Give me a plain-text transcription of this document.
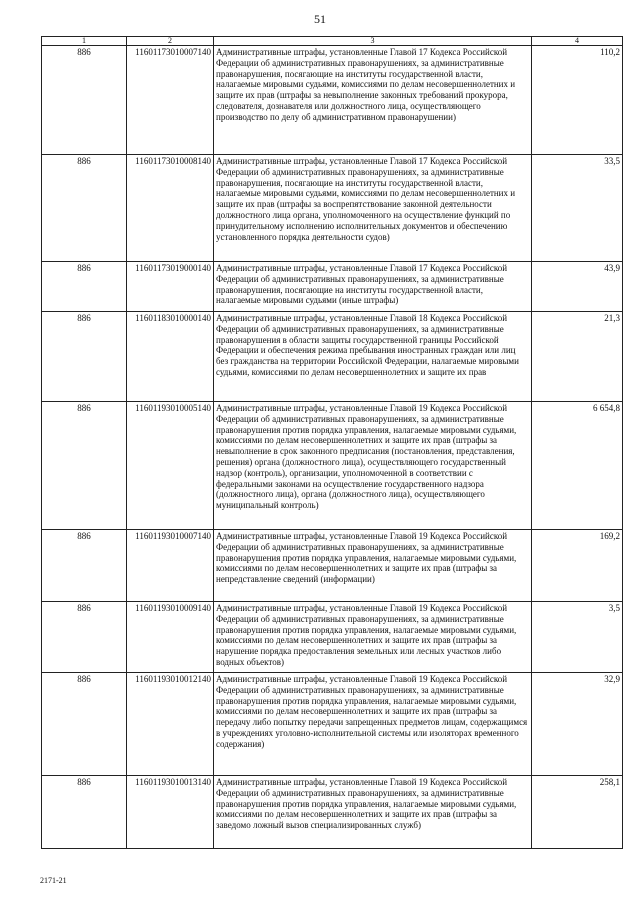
51
1	2	3	4
886	11601173010007140	Административные штрафы, установленные Главой 17 Кодекса Российской Федерации об административных правонарушениях, за административные правонарушения, посягающие на институты государственной власти, налагаемые мировыми судьями, комиссиями по делам несовершеннолетних и защите их прав (штрафы за невыполнение законных требований прокурора, следователя, дознавателя или должностного лица, осуществляющего производство по делу об административном правонарушении)	110,2
886	11601173010008140	Административные штрафы, установленные Главой 17 Кодекса Российской Федерации об административных правонарушениях, за административные правонарушения, посягающие на институты государственной власти, налагаемые мировыми судьями, комиссиями по делам несовершеннолетних и защите их прав (штрафы за воспрепятствование законной деятельности должностного лица органа, уполномоченного на осуществление функций по принудительному исполнению исполнительных документов и обеспечению установленного порядка деятельности судов)	33,5
886	11601173019000140	Административные штрафы, установленные Главой 17 Кодекса Российской Федерации об административных правонарушениях, за административные правонарушения, посягающие на институты государственной власти, налагаемые мировыми судьями (иные штрафы)	43,9
886	11601183010000140	Административные штрафы, установленные Главой 18 Кодекса Российской Федерации об административных правонарушениях, за административные правонарушения в области защиты государственной границы Российской Федерации и обеспечения режима пребывания иностранных граждан или лиц без гражданства на территории Российской Федерации, налагаемые мировыми судьями, комиссиями по делам несовершеннолетних и защите их прав	21,3
886	11601193010005140	Административные штрафы, установленные Главой 19 Кодекса Российской Федерации об административных правонарушениях, за административные правонарушения против порядка управления, налагаемые мировыми судьями, комиссиями по делам несовершеннолетних и защите их прав (штрафы за невыполнение в срок законного предписания (постановления, представления, решения) органа (должностного лица), осуществляющего государственный надзор (контроль), организации, уполномоченной в соответствии с федеральными законами на осуществление государственного надзора (должностного лица), органа (должностного лица), осуществляющего муниципальный контроль)	6 654,8
886	11601193010007140	Административные штрафы, установленные Главой 19 Кодекса Российской Федерации об административных правонарушениях, за административные правонарушения против порядка управления, налагаемые мировыми судьями, комиссиями по делам несовершеннолетних и защите их прав (штрафы за непредставление сведений (информации)	169,2
886	11601193010009140	Административные штрафы, установленные Главой 19 Кодекса Российской Федерации об административных правонарушениях, за административные правонарушения против порядка управления, налагаемые мировыми судьями, комиссиями по делам несовершеннолетних и защите их прав (штрафы за нарушение порядка предоставления земельных или лесных участков либо водных объектов)	3,5
886	11601193010012140	Административные штрафы, установленные Главой 19 Кодекса Российской Федерации об административных правонарушениях, за административные правонарушения против порядка управления, налагаемые мировыми судьями, комиссиями по делам несовершеннолетних и защите их прав (штрафы за передачу либо попытку передачи запрещенных предметов лицам, содержащимся в учреждениях уголовно-исполнительной системы или изоляторах временного содержания)	32,9
886	11601193010013140	Административные штрафы, установленные Главой 19 Кодекса Российской Федерации об административных правонарушениях, за административные правонарушения против порядка управления, налагаемые мировыми судьями, комиссиями по делам несовершеннолетних и защите их прав (штрафы за заведомо ложный вызов специализированных служб)	258,1
2171-21
